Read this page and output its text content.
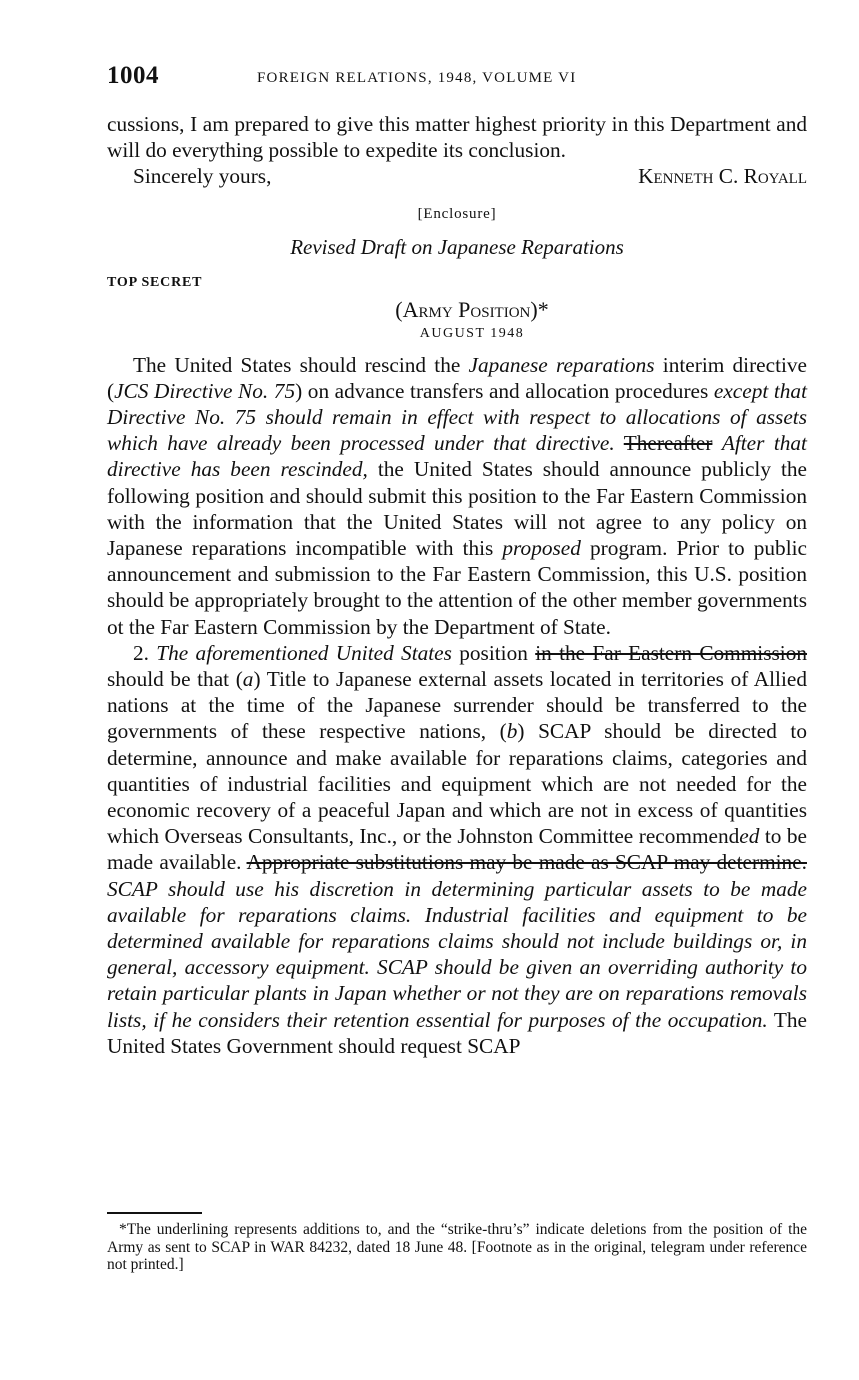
1004	FOREIGN RELATIONS, 1948, VOLUME VI

cussions, I am prepared to give this matter highest priority in this Department and will do everything possible to expedite its conclusion.

Sincerely yours,	Kenneth C. Royall
[Enclosure]
Revised Draft on Japanese Reparations
TOP SECRET
(Army Position)*
AUGUST 1948

The United States should rescind the Japanese reparations interim directive (JCS Directive No. 75) on advance transfers and allocation procedures except that Directive No. 75 should remain in effect with respect to allocations of assets which have already been processed under that directive. Thereafter After that directive has been rescinded, the United States should announce publicly the following position and should submit this position to the Far Eastern Commission with the information that the United States will not agree to any policy on Japanese reparations incompatible with this proposed program. Prior to public announcement and submission to the Far Eastern Commission, this U.S. position should be appropriately brought to the attention of the other member governments ot the Far Eastern Commission by the Department of State.

2. The aforementioned United States position in the Far Eastern Commission should be that (a) Title to Japanese external assets located in territories of Allied nations at the time of the Japanese surrender should be transferred to the governments of these respective nations, (b) SCAP should be directed to determine, announce and make available for reparations claims, categories and quantities of industrial facilities and equipment which are not needed for the economic recovery of a peaceful Japan and which are not in excess of quantities which Overseas Consultants, Inc., or the Johnston Committee recommended to be made available. Appropriate substitutions may be made as SCAP may determine. SCAP should use his discretion in determining particular assets to be made available for reparations claims. Industrial facilities and equipment to be determined available for reparations claims should not include buildings or, in general, accessory equipment. SCAP should be given an overriding authority to retain particular plants in Japan whether or not they are on reparations removals lists, if he considers their retention essential for purposes of the occupation. The United States Government should request SCAP

*The underlining represents additions to, and the “strike-thru’s” indicate deletions from the position of the Army as sent to SCAP in WAR 84232, dated 18 June 48. [Footnote as in the original, telegram under reference not printed.]
